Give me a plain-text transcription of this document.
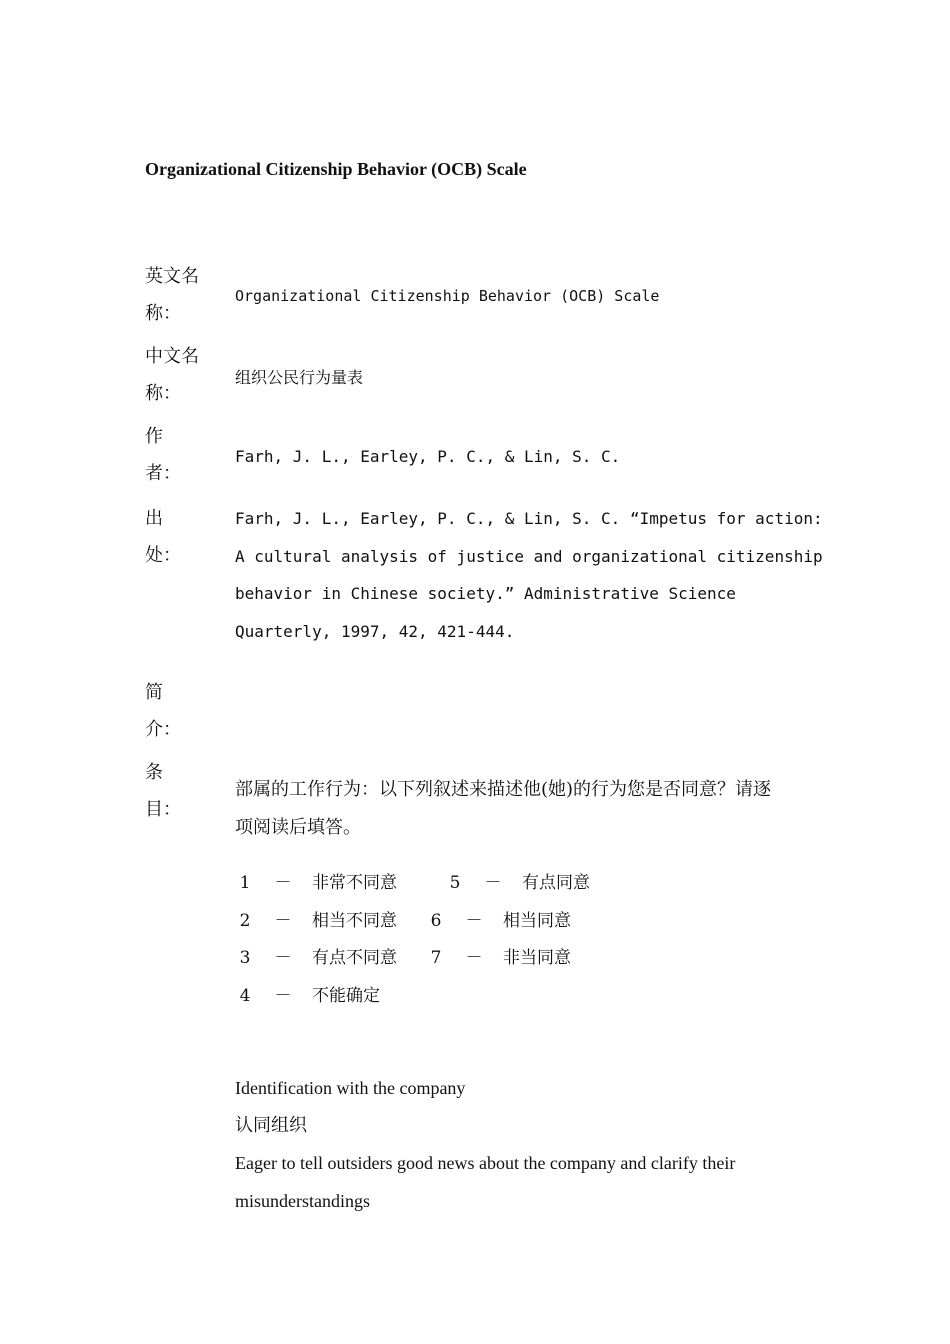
Organizational Citizenship Behavior (OCB) Scale
英文名
称：
Organizational Citizenship Behavior (OCB) Scale
中文名
称：
组织公民行为量表
作
者：
Farh, J. L., Earley, P. C., & Lin, S. C.
出
处：
Farh, J. L., Earley, P. C., & Lin, S. C. “Impetus for action:
A cultural analysis of justice and organizational citizenship
behavior in Chinese society.” Administrative Science
Quarterly, 1997, 42, 421-444.
简
介：
条
目：
部属的工作行为：以下列叙述来描述他(她)的行为您是否同意？请逐
项阅读后填答。
1 － 非常不同意	5 － 有点同意
2 － 相当不同意 6 － 相当同意
3 － 有点不同意 7 － 非当同意
4 － 不能确定
Identification with the company
认同组织
Eager to tell outsiders good news about the company and clarify their
misunderstandings
